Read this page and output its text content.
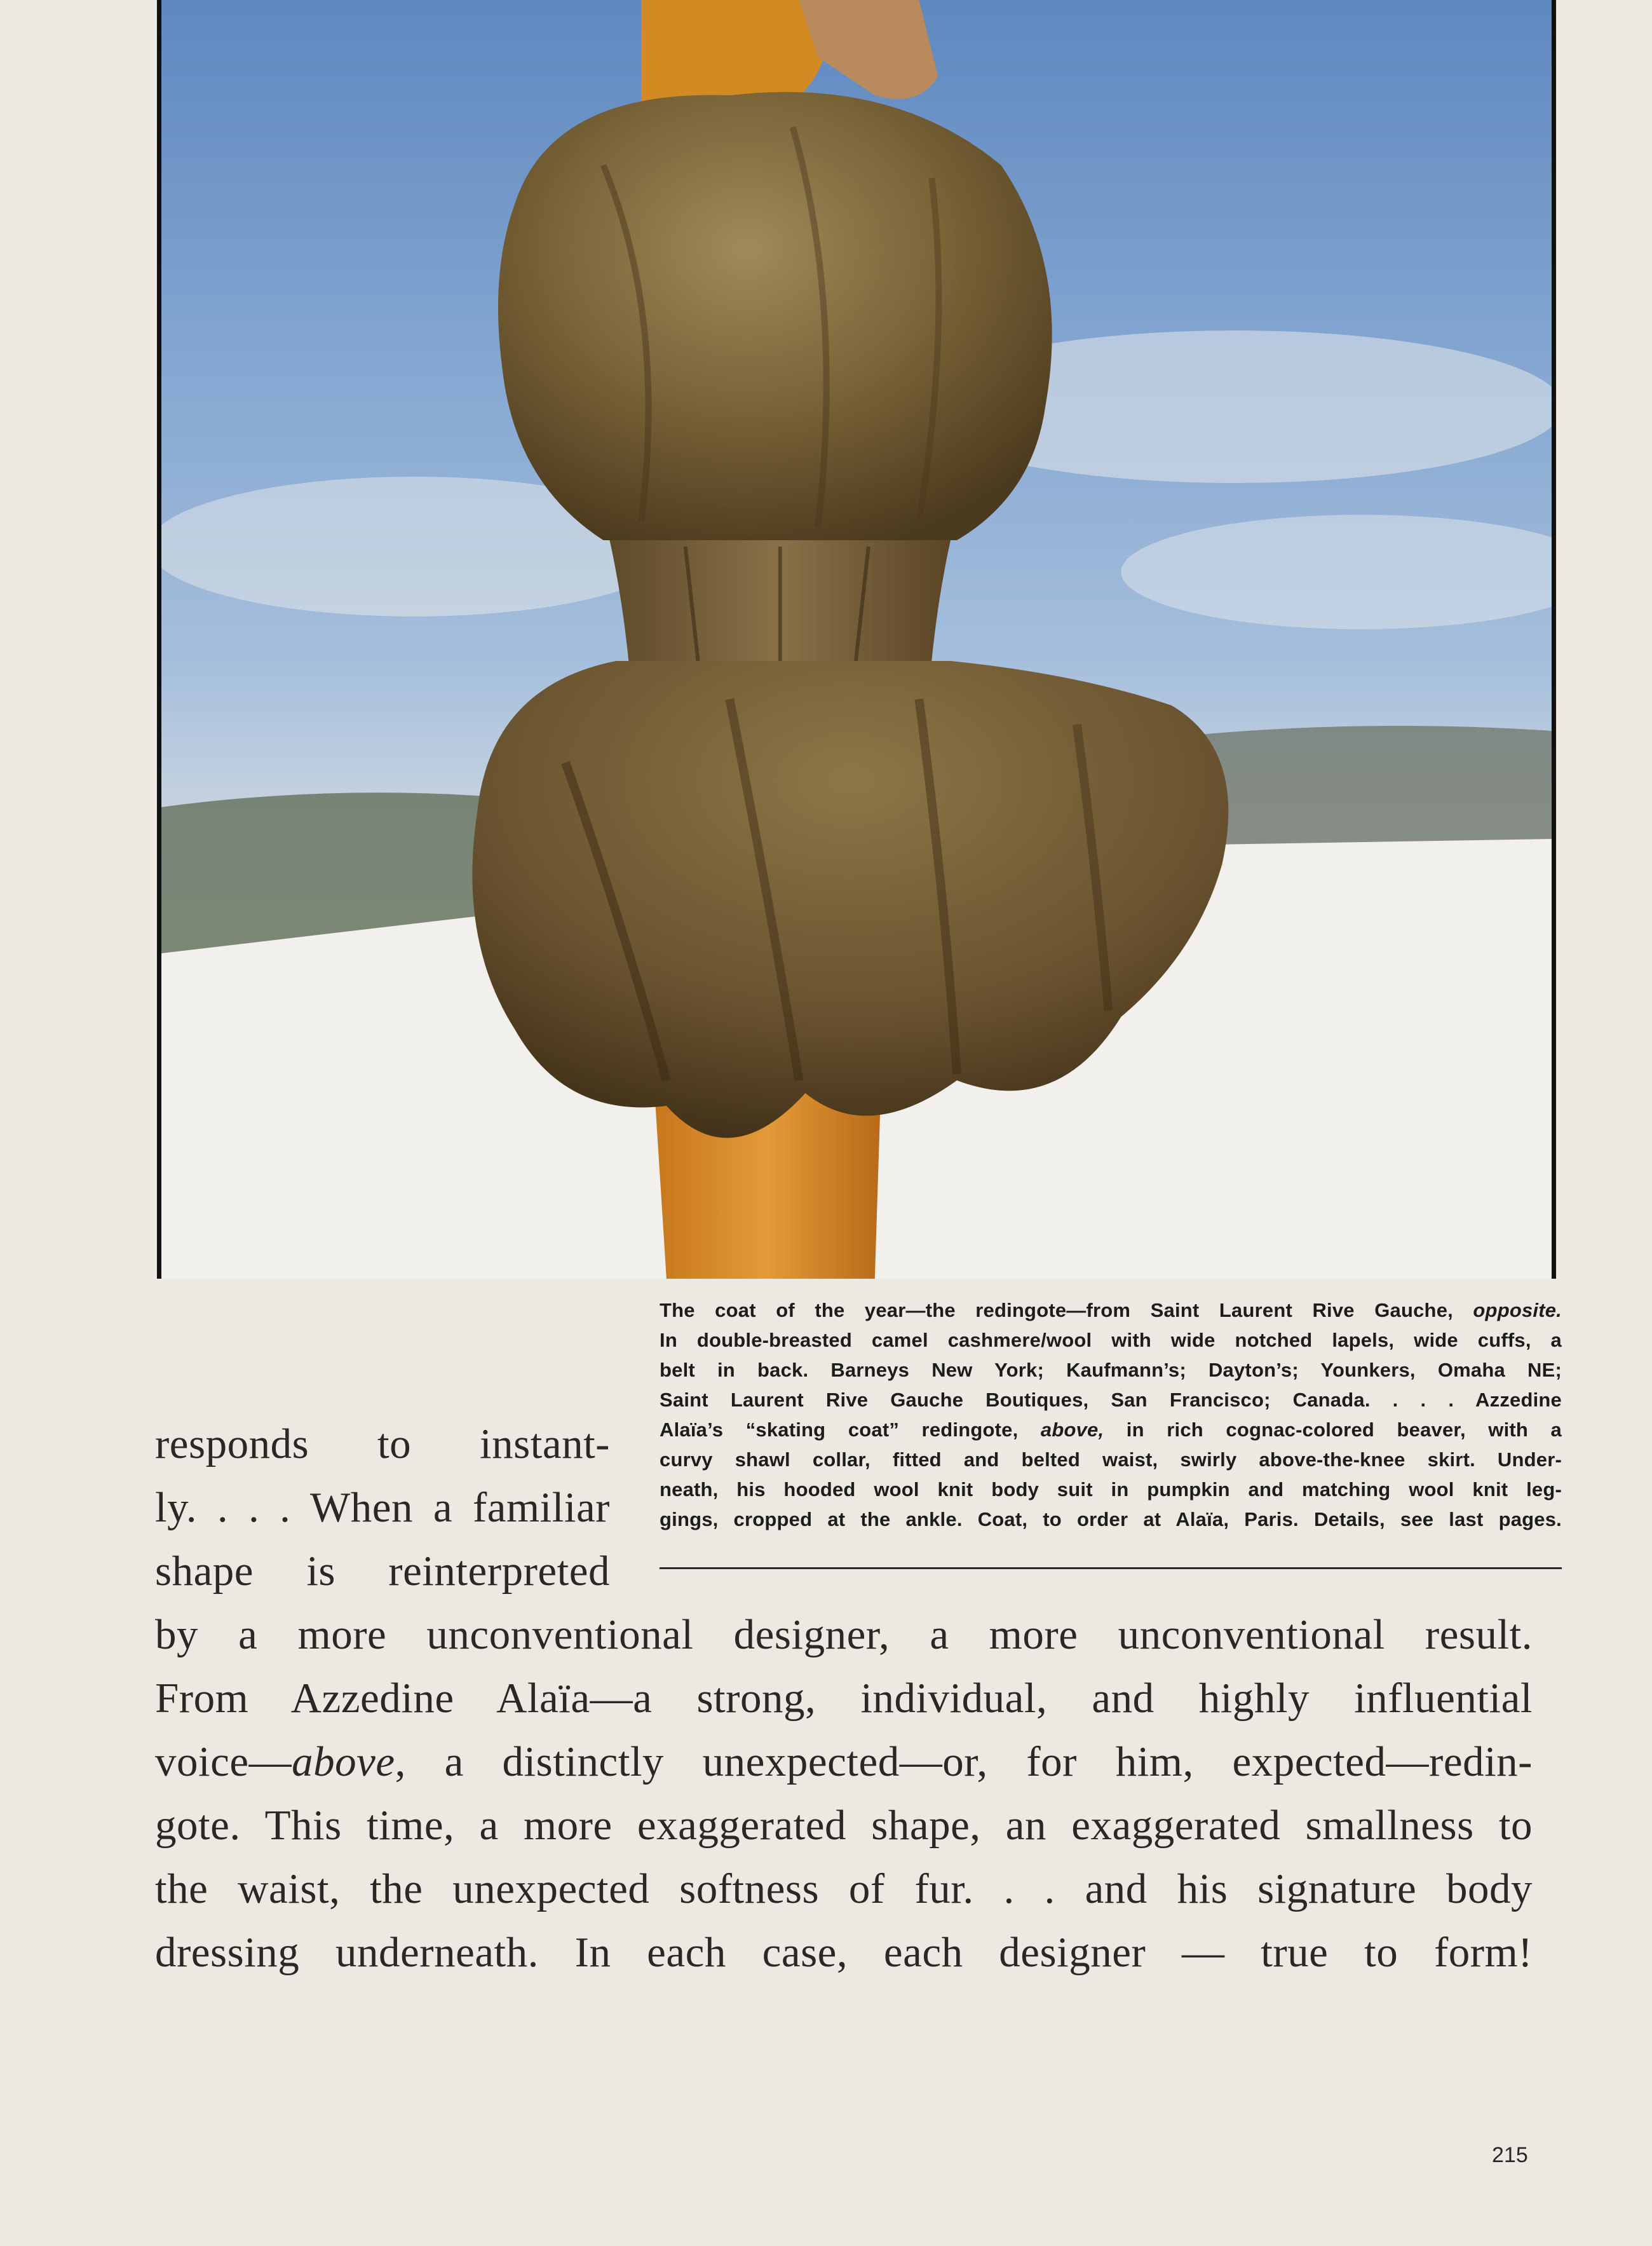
The coat of the year—the redingote—from Saint Laurent Rive Gauche, opposite.
In double-breasted camel cashmere/wool with wide notched lapels, wide cuffs, a
belt in back. Barneys New York; Kaufmann’s; Dayton’s; Younkers, Omaha NE;
Saint Laurent Rive Gauche Boutiques, San Francisco; Canada. . . . Azzedine
Alaïa’s “skating coat” redingote, above, in rich cognac-colored beaver, with a
curvy shawl collar, fitted and belted waist, swirly above-the-knee skirt. Under-
neath, his hooded wool knit body suit in pumpkin and matching wool knit leg-
gings, cropped at the ankle. Coat, to order at Alaïa, Paris. Details, see last pages.
responds to instant-
ly. . . . When a familiar
shape is reinterpreted
by a more unconventional designer, a more unconventional result.
From Azzedine Alaïa—a strong, individual, and highly influential
voice—above, a distinctly unexpected—or, for him, expected—redin-
gote. This time, a more exaggerated shape, an exaggerated smallness to
the waist, the unexpected softness of fur. . . and his signature body
dressing underneath. In each case, each designer — true to form!
215
